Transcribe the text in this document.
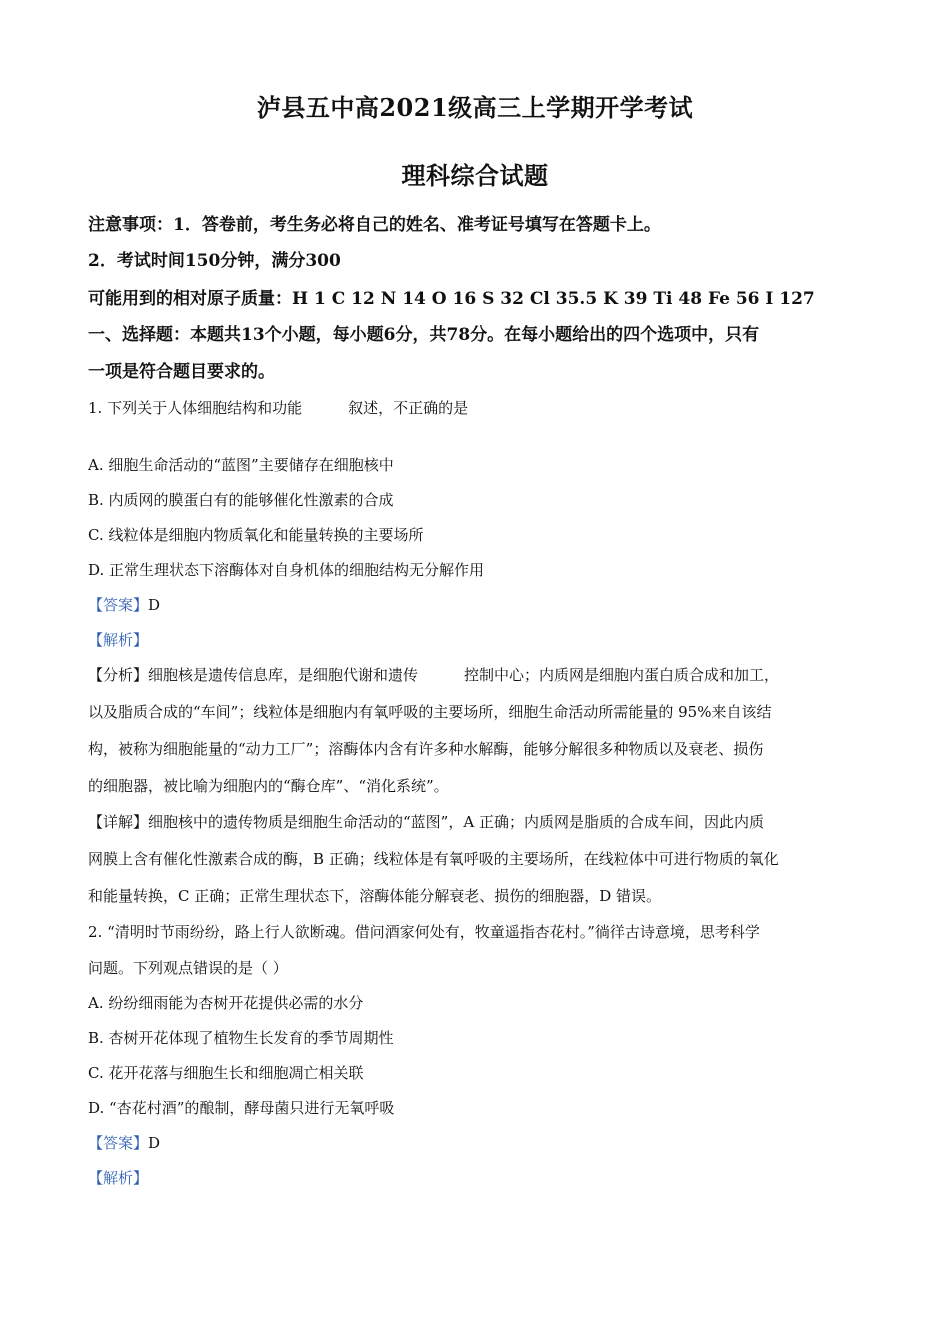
泸县五中高2021级高三上学期开学考试
理科综合试题
注意事项：1．答卷前，考生务必将自己的姓名、准考证号填写在答题卡上。
2．考试时间150分钟，满分300
可能用到的相对原子质量：H 1 C 12 N 14 O 16 S 32 Cl 35.5 K 39 Ti 48 Fe 56 I 127
一、选择题：本题共13个小题，每小题6分，共78分。在每小题给出的四个选项中，只有
一项是符合题目要求的。
1. 下列关于人体细胞结构和功能	叙述，不正确的是
A. 细胞生命活动的“蓝图”主要储存在细胞核中
B. 内质网的膜蛋白有的能够催化性激素的合成
C. 线粒体是细胞内物质氧化和能量转换的主要场所
D. 正常生理状态下溶酶体对自身机体的细胞结构无分解作用
【答案】D
【解析】
【分析】细胞核是遗传信息库，是细胞代谢和遗传	控制中心；内质网是细胞内蛋白质合成和加工，
以及脂质合成的“车间”；线粒体是细胞内有氧呼吸的主要场所，细胞生命活动所需能量的 95%来自该结
构，被称为细胞能量的“动力工厂”；溶酶体内含有许多种水解酶，能够分解很多种物质以及衰老、损伤
的细胞器，被比喻为细胞内的“酶仓库”、“消化系统”。
【详解】细胞核中的遗传物质是细胞生命活动的“蓝图”，A 正确；内质网是脂质的合成车间，因此内质
网膜上含有催化性激素合成的酶，B 正确；线粒体是有氧呼吸的主要场所，在线粒体中可进行物质的氧化
和能量转换，C 正确；正常生理状态下，溶酶体能分解衰老、损伤的细胞器，D 错误。
2. “清明时节雨纷纷，路上行人欲断魂。借问酒家何处有，牧童遥指杏花村。”徜徉古诗意境，思考科学
问题。下列观点错误的是（ ）
A. 纷纷细雨能为杏树开花提供必需的水分
B. 杏树开花体现了植物生长发育的季节周期性
C. 花开花落与细胞生长和细胞凋亡相关联
D. “杏花村酒”的酿制，酵母菌只进行无氧呼吸
【答案】D
【解析】
